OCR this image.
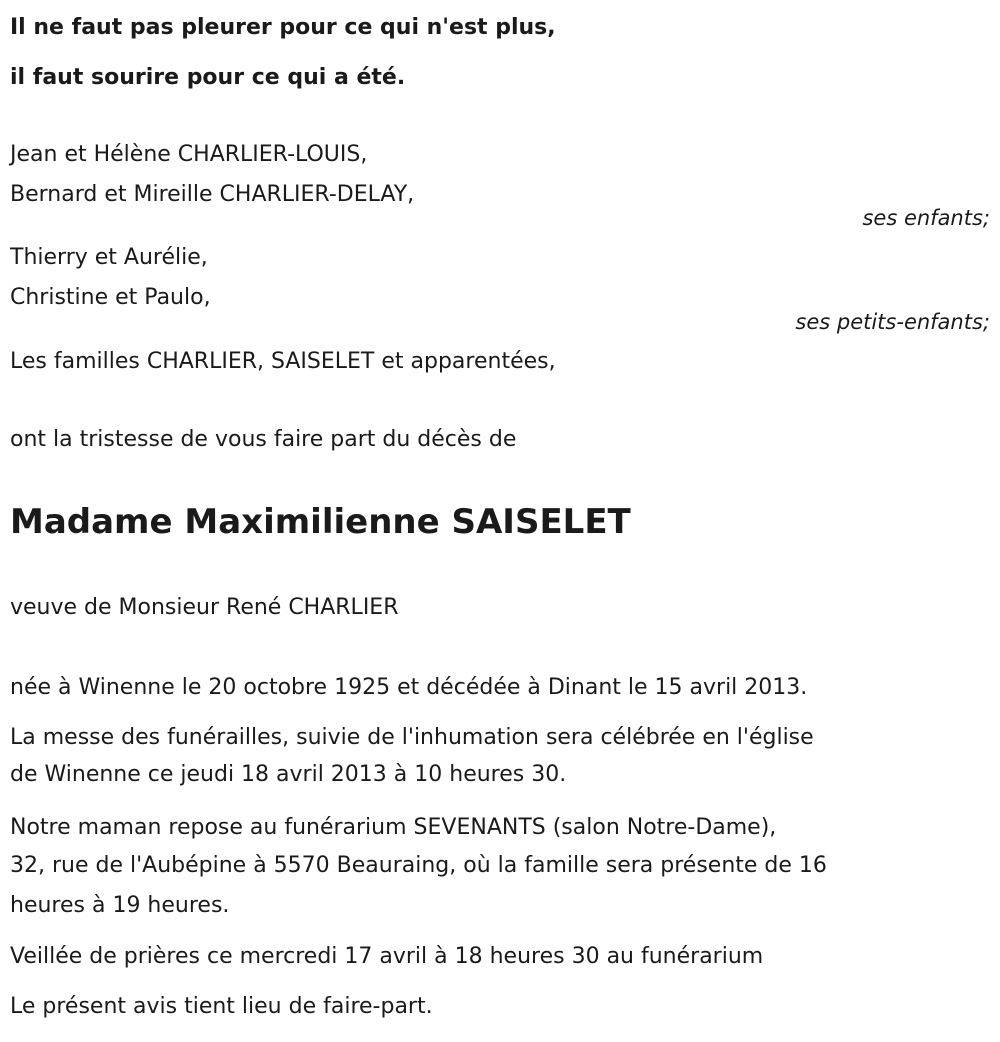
Il ne faut pas pleurer pour ce qui n'est plus,
il faut sourire pour ce qui a été.
Jean et Hélène CHARLIER-LOUIS,
Bernard et Mireille CHARLIER-DELAY,
ses enfants;
Thierry et Aurélie,
Christine et Paulo,
ses petits-enfants;
Les familles CHARLIER, SAISELET et apparentées,
ont la tristesse de vous faire part du décès de
Madame Maximilienne SAISELET
veuve de Monsieur René CHARLIER
née à Winenne le 20 octobre 1925 et décédée à Dinant le 15 avril 2013.
La messe des funérailles, suivie de l'inhumation sera célébrée en l'église
de Winenne ce jeudi 18 avril 2013 à 10 heures 30.
Notre maman repose au funérarium SEVENANTS (salon Notre-Dame),
32, rue de l'Aubépine à 5570 Beauraing, où la famille sera présente de 16
heures à 19 heures.
Veillée de prières ce mercredi 17 avril à 18 heures 30 au funérarium
Le présent avis tient lieu de faire-part.
